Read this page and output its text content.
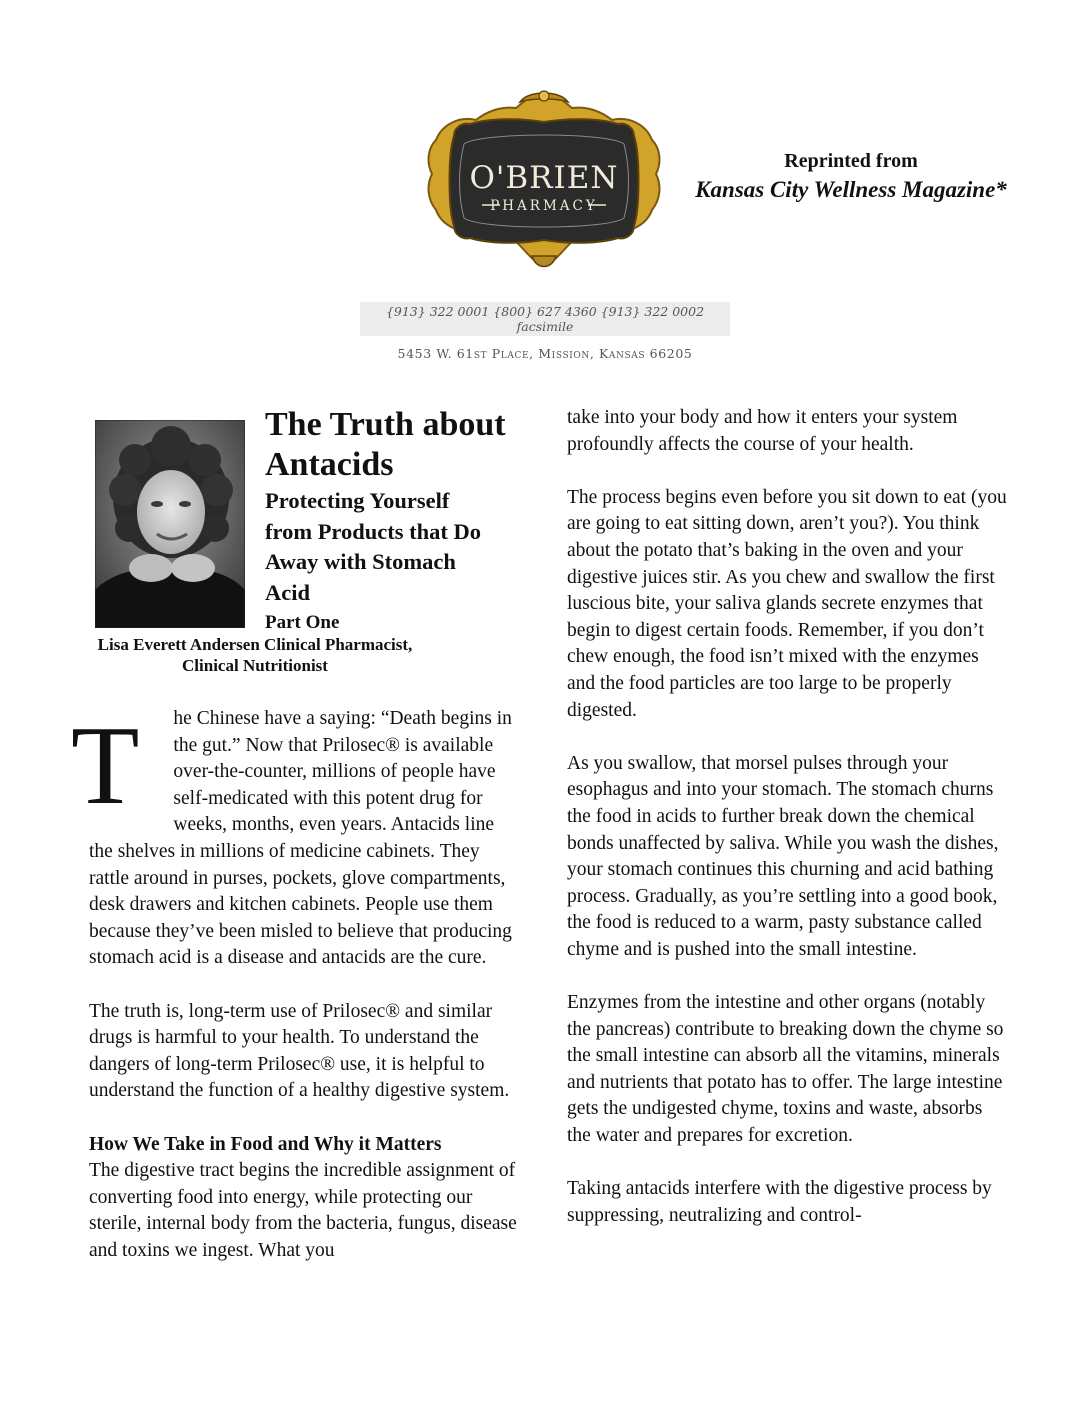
O'BRIEN
PHARMACY
{913} 322 0001 {800} 627 4360 {913} 322 0002 facsimile
5453 W. 61st Place, Mission, Kansas 66205
Reprinted from
Kansas City Wellness Magazine*
The Truth about
Antacids
Protecting Yourself
from Products that Do
Away with Stomach
Acid
Part One
Lisa Everett Andersen Clinical Pharmacist,
Clinical Nutritionist
T	he Chinese have a saying: “Death begins in the gut.” Now that Prilosec® is available over-the-counter, millions of people have self-medicated with this potent drug for weeks, months, even years. Antacids line the shelves in millions of medicine cabinets. They rattle around in purses, pockets, glove compartments, desk drawers and kitchen cabinets. People use them because they’ve been misled to believe that producing stomach acid is a disease and antacids are the cure.

The truth is, long-term use of Prilosec® and similar drugs is harmful to your health. To understand the dangers of long-term Prilosec® use, it is helpful to understand the function of a healthy digestive system.

How We Take in Food and Why it Matters

The digestive tract begins the incredible assignment of converting food into energy, while protecting our sterile, internal body from the bacteria, fungus, disease and toxins we ingest. What you

take into your body and how it enters your system profoundly affects the course of your health.

The process begins even before you sit down to eat (you are going to eat sitting down, aren’t you?). You think about the potato that’s baking in the oven and your digestive juices stir. As you chew and swallow the first luscious bite, your saliva glands secrete enzymes that begin to digest certain foods. Remember, if you don’t chew enough, the food isn’t mixed with the enzymes and the food particles are too large to be properly digested.

As you swallow, that morsel pulses through your esophagus and into your stomach. The stomach churns the food in acids to further break down the chemical bonds unaffected by saliva. While you wash the dishes, your stomach continues this churning and acid bathing process. Gradually, as you’re settling into a good book, the food is reduced to a warm, pasty substance called chyme and is pushed into the small intestine.

Enzymes from the intestine and other organs (notably the pancreas) contribute to breaking down the chyme so the small intestine can absorb all the vitamins, minerals and nutrients that potato has to offer. The large intestine gets the undigested chyme, toxins and waste, absorbs the water and prepares for excretion.

Taking antacids interfere with the digestive process by suppressing, neutralizing and control-
